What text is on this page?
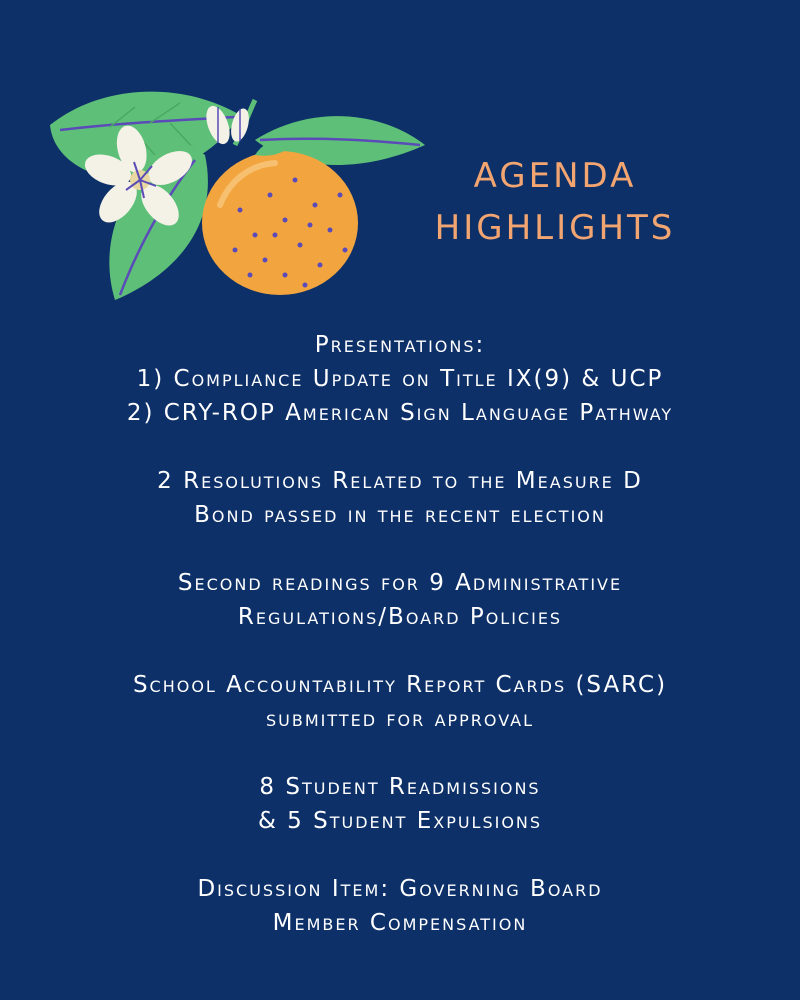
AGENDA
HIGHLIGHTS
Presentations:
1) Compliance Update on Title IX(9) & UCP
2) CRY-ROP American Sign Language Pathway
2 Resolutions Related to the Measure D
Bond passed in the recent election
Second readings for 9 Administrative
Regulations/Board Policies
School Accountability Report Cards (SARC)
submitted for approval
8 Student Readmissions
& 5 Student Expulsions
Discussion Item: Governing Board
Member Compensation
